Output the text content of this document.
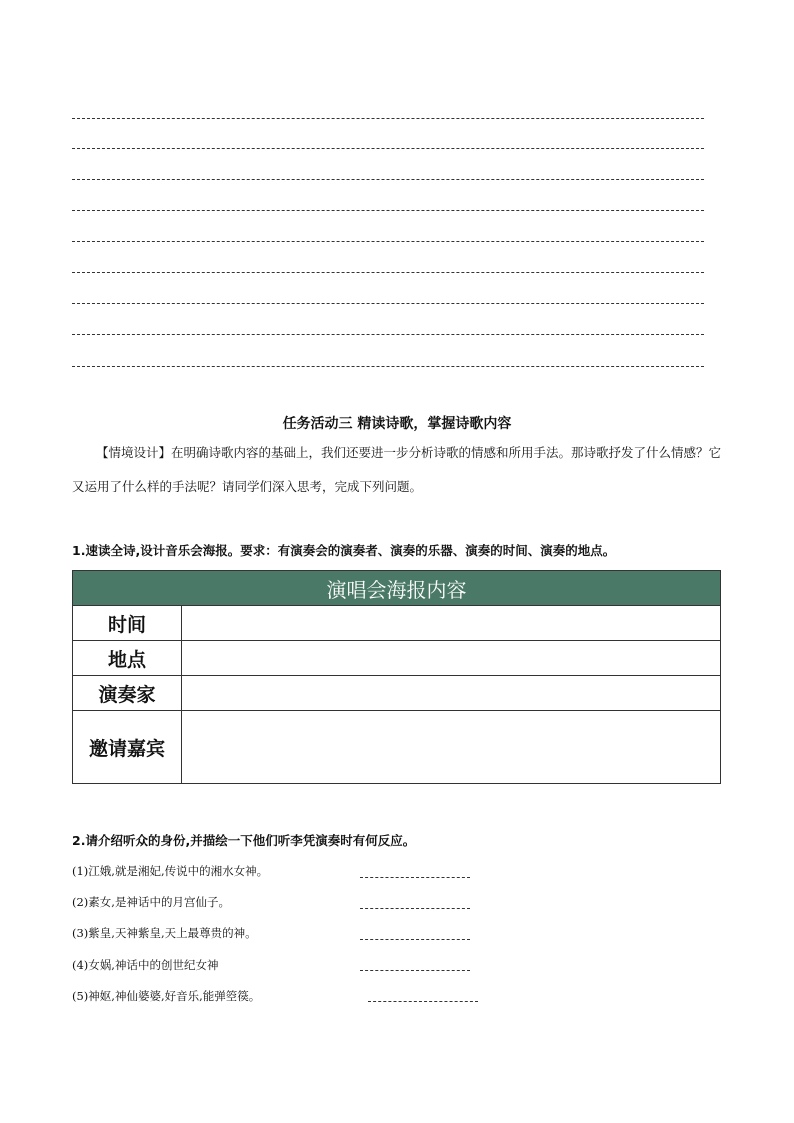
任务活动三 精读诗歌，掌握诗歌内容
【情境设计】在明确诗歌内容的基础上，我们还要进一步分析诗歌的情感和所用手法。那诗歌抒发了什么情感？它又运用了什么样的手法呢？请同学们深入思考，完成下列问题。
1.速读全诗,设计音乐会海报。要求：有演奏会的演奏者、演奏的乐器、演奏的时间、演奏的地点。
演唱会海报内容	
时间	
地点	
演奏家	
邀请嘉宾	
2.请介绍听众的身份,并描绘一下他们听李凭演奏时有何反应。
(1)江娥,就是湘妃,传说中的湘水女神。
(2)素女,是神话中的月宫仙子。
(3)紫皇,天神紫皇,天上最尊贵的神。
(4)女娲,神话中的创世纪女神
(5)神妪,神仙婆婆,好音乐,能弹箜篌。
